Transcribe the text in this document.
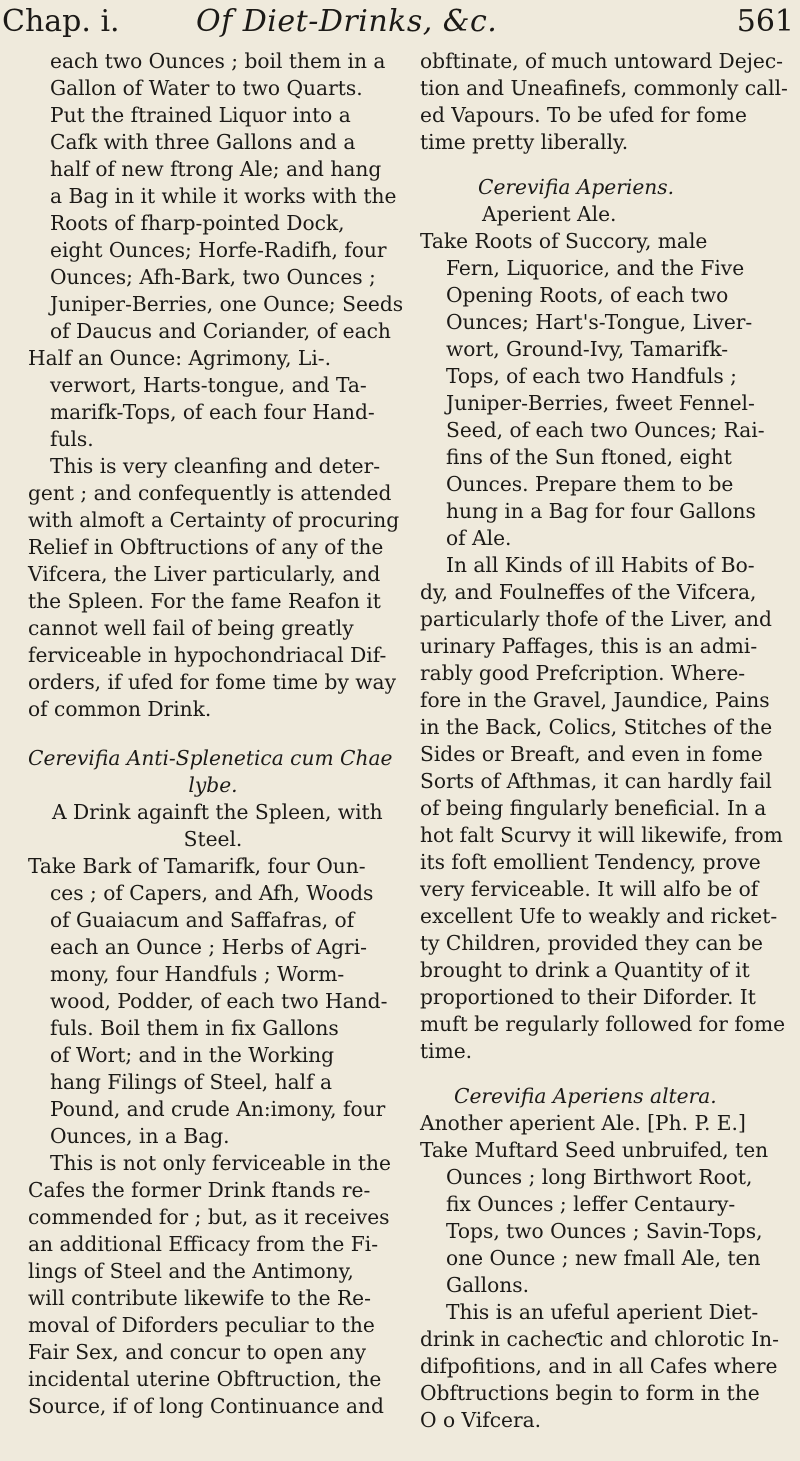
Chap. i.	Of Diet-Drinks, &c.	561
each two Ounces ; boil them in a
Gallon of Water to two Quarts.
Put the ftrained Liquor into a
Cafk with three Gallons and a
half of new ftrong Ale; and hang
a Bag in it while it works with the
Roots of fharp-pointed Dock,
eight Ounces; Horfe-Radifh, four
Ounces; Afh-Bark, two Ounces ;
Juniper-Berries, one Ounce; Seeds
of Daucus and Coriander, of each
Half an Ounce: Agrimony, Li-.
verwort, Harts-tongue, and Ta-
marifk-Tops, of each four Hand-
fuls.
This is very cleanfing and deter-
gent ; and confequently is attended
with almoft a Certainty of procuring
Relief in Obftructions of any of the
Vifcera, the Liver particularly, and
the Spleen. For the fame Reafon it
cannot well fail of being greatly
ferviceable in hypochondriacal Dif-
orders, if ufed for fome time by way
of common Drink.
Cerevifia Anti-Splenetica cum Chae
lybe.
A Drink againft the Spleen, with
Steel.
Take Bark of Tamarifk, four Oun-
ces ; of Capers, and Afh, Woods
of Guaiacum and Saffafras, of
each an Ounce ; Herbs of Agri-
mony, four Handfuls ; Worm-
wood, Podder, of each two Hand-
fuls. Boil them in fix Gallons
of Wort; and in the Working
hang Filings of Steel, half a
Pound, and crude An:imony, four
Ounces, in a Bag.
This is not only ferviceable in the
Cafes the former Drink ftands re-
commended for ; but, as it receives
an additional Efficacy from the Fi-
lings of Steel and the Antimony,
will contribute likewife to the Re-
moval of Diforders peculiar to the
Fair Sex, and concur to open any
incidental uterine Obftruction, the
Source, if of long Continuance and
obftinate, of much untoward Dejec-
tion and Uneafinefs, commonly call-
ed Vapours. To be ufed for fome
time pretty liberally.
Cerevifia Aperiens.
Aperient Ale.
Take Roots of Succory, male
Fern, Liquorice, and the Five
Opening Roots, of each two
Ounces; Hart's-Tongue, Liver-
wort, Ground-Ivy, Tamarifk-
Tops, of each two Handfuls ;
Juniper-Berries, fweet Fennel-
Seed, of each two Ounces; Rai-
fins of the Sun ftoned, eight
Ounces. Prepare them to be
hung in a Bag for four Gallons
of Ale.
In all Kinds of ill Habits of Bo-
dy, and Foulneffes of the Vifcera,
particularly thofe of the Liver, and
urinary Paffages, this is an admi-
rably good Prefcription. Where-
fore in the Gravel, Jaundice, Pains
in the Back, Colics, Stitches of the
Sides or Breaft, and even in fome
Sorts of Afthmas, it can hardly fail
of being fingularly beneficial. In a
hot falt Scurvy it will likewife, from
its foft emollient Tendency, prove
very ferviceable. It will alfo be of
excellent Ufe to weakly and ricket-
ty Children, provided they can be
brought to drink a Quantity of it
proportioned to their Diforder. It
muft be regularly followed for fome
time.
Cerevifia Aperiens altera.
Another aperient Ale. [Ph. P. E.]
Take Muftard Seed unbruifed, ten
Ounces ; long Birthwort Root,
fix Ounces ; leffer Centaury-
Tops, two Ounces ; Savin-Tops,
one Ounce ; new fmall Ale, ten
Gallons.
This is an ufeful aperient Diet-
drink in cacheƈtic and chlorotic In-
difpofitions, and in all Cafes where
Obftructions begin to form in the
O o Vifcera.
